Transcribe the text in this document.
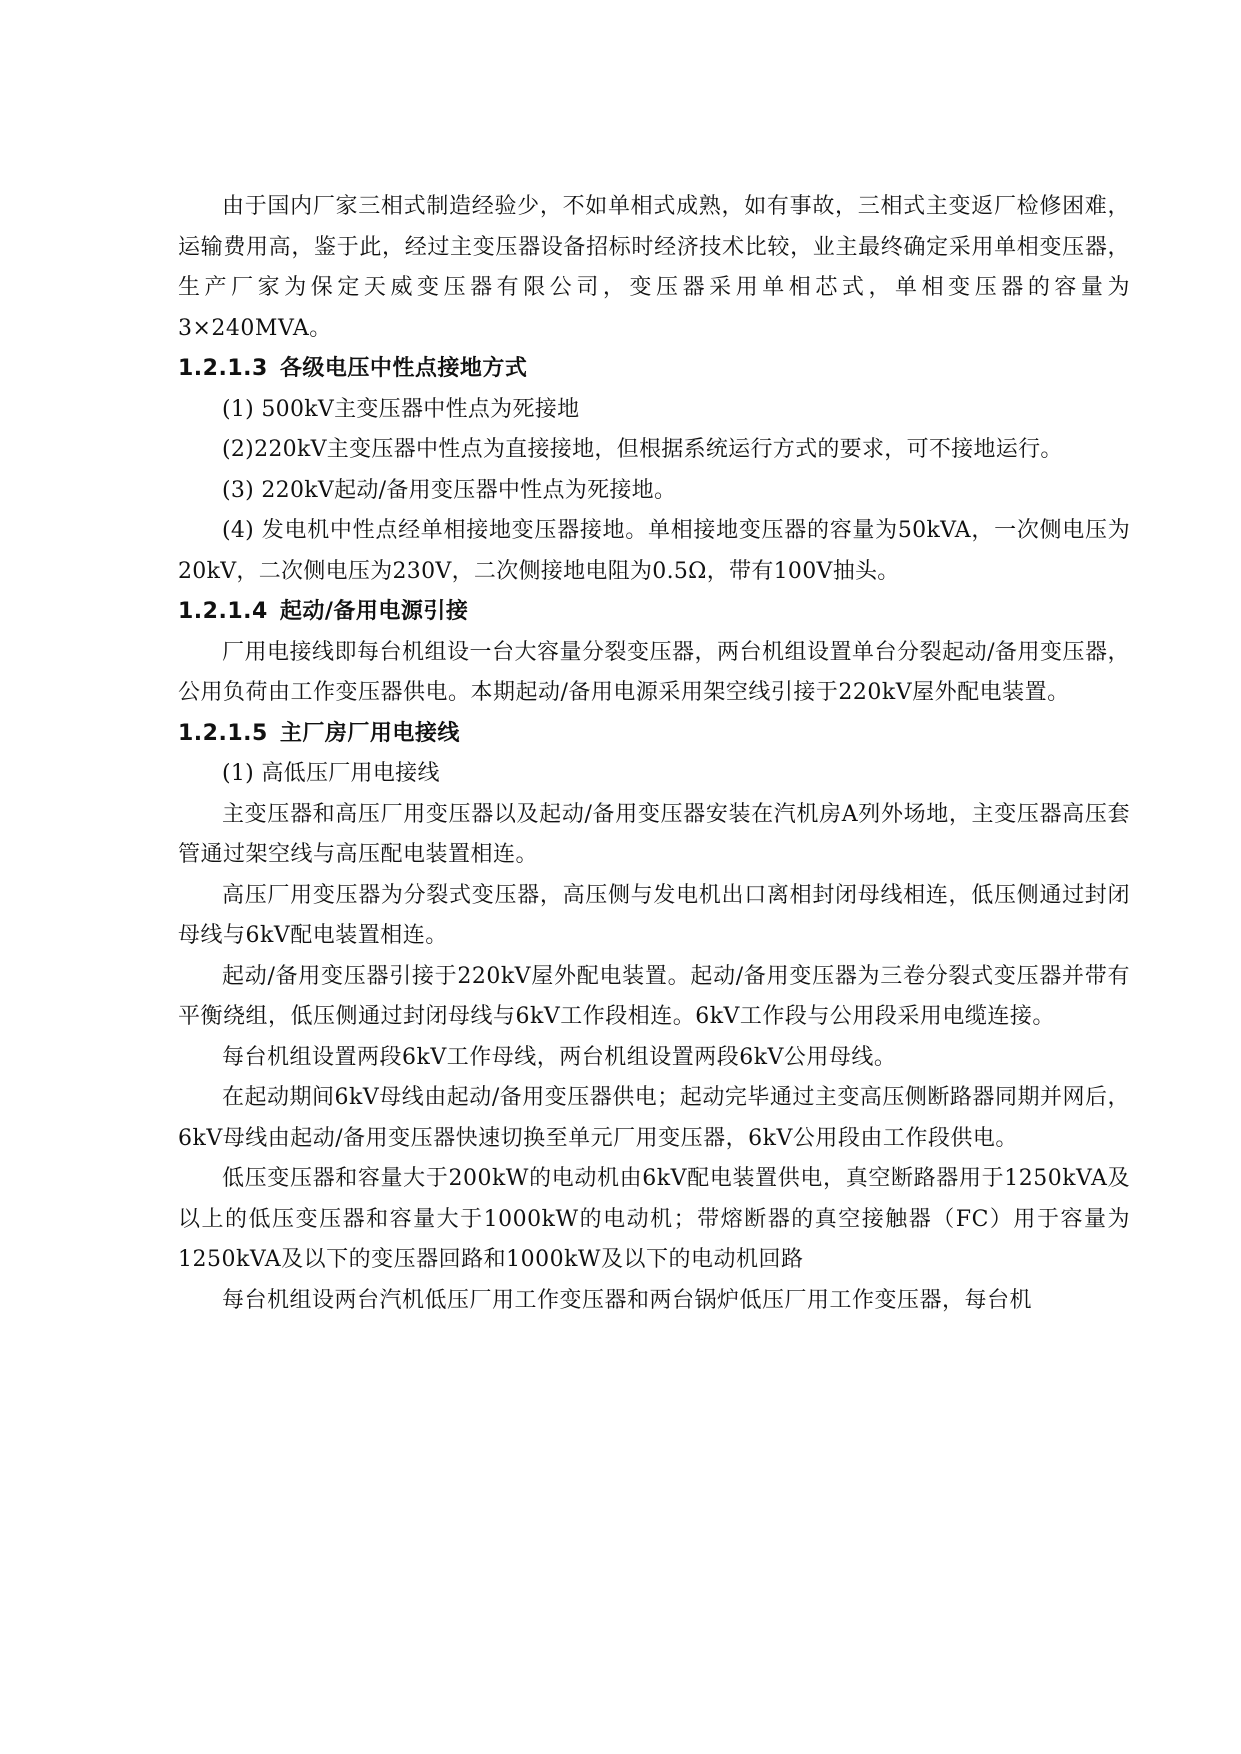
由于国内厂家三相式制造经验少，不如单相式成熟，如有事故，三相式主变返厂检修困难，运输费用高，鉴于此，经过主变压器设备招标时经济技术比较，业主最终确定采用单相变压器，生产厂家为保定天威变压器有限公司，变压器采用单相芯式，单相变压器的容量为3×240MVA。

1.2.1.3 各级电压中性点接地方式

(1) 500kV主变压器中性点为死接地

(2)220kV主变压器中性点为直接接地，但根据系统运行方式的要求，可不接地运行。

(3) 220kV起动/备用变压器中性点为死接地。

(4) 发电机中性点经单相接地变压器接地。单相接地变压器的容量为50kVA，一次侧电压为20kV，二次侧电压为230V，二次侧接地电阻为0.5Ω，带有100V抽头。

1.2.1.4 起动/备用电源引接

厂用电接线即每台机组设一台大容量分裂变压器，两台机组设置单台分裂起动/备用变压器，公用负荷由工作变压器供电。本期起动/备用电源采用架空线引接于220kV屋外配电装置。

1.2.1.5 主厂房厂用电接线

(1) 高低压厂用电接线

主变压器和高压厂用变压器以及起动/备用变压器安装在汽机房A列外场地，主变压器高压套管通过架空线与高压配电装置相连。

高压厂用变压器为分裂式变压器，高压侧与发电机出口离相封闭母线相连，低压侧通过封闭母线与6kV配电装置相连。

起动/备用变压器引接于220kV屋外配电装置。起动/备用变压器为三卷分裂式变压器并带有平衡绕组，低压侧通过封闭母线与6kV工作段相连。6kV工作段与公用段采用电缆连接。

每台机组设置两段6kV工作母线，两台机组设置两段6kV公用母线。

在起动期间6kV母线由起动/备用变压器供电；起动完毕通过主变高压侧断路器同期并网后，6kV母线由起动/备用变压器快速切换至单元厂用变压器，6kV公用段由工作段供电。

低压变压器和容量大于200kW的电动机由6kV配电装置供电，真空断路器用于1250kVA及以上的低压变压器和容量大于1000kW的电动机；带熔断器的真空接触器（FC）用于容量为1250kVA及以下的变压器回路和1000kW及以下的电动机回路

每台机组设两台汽机低压厂用工作变压器和两台锅炉低压厂用工作变压器，每台机
